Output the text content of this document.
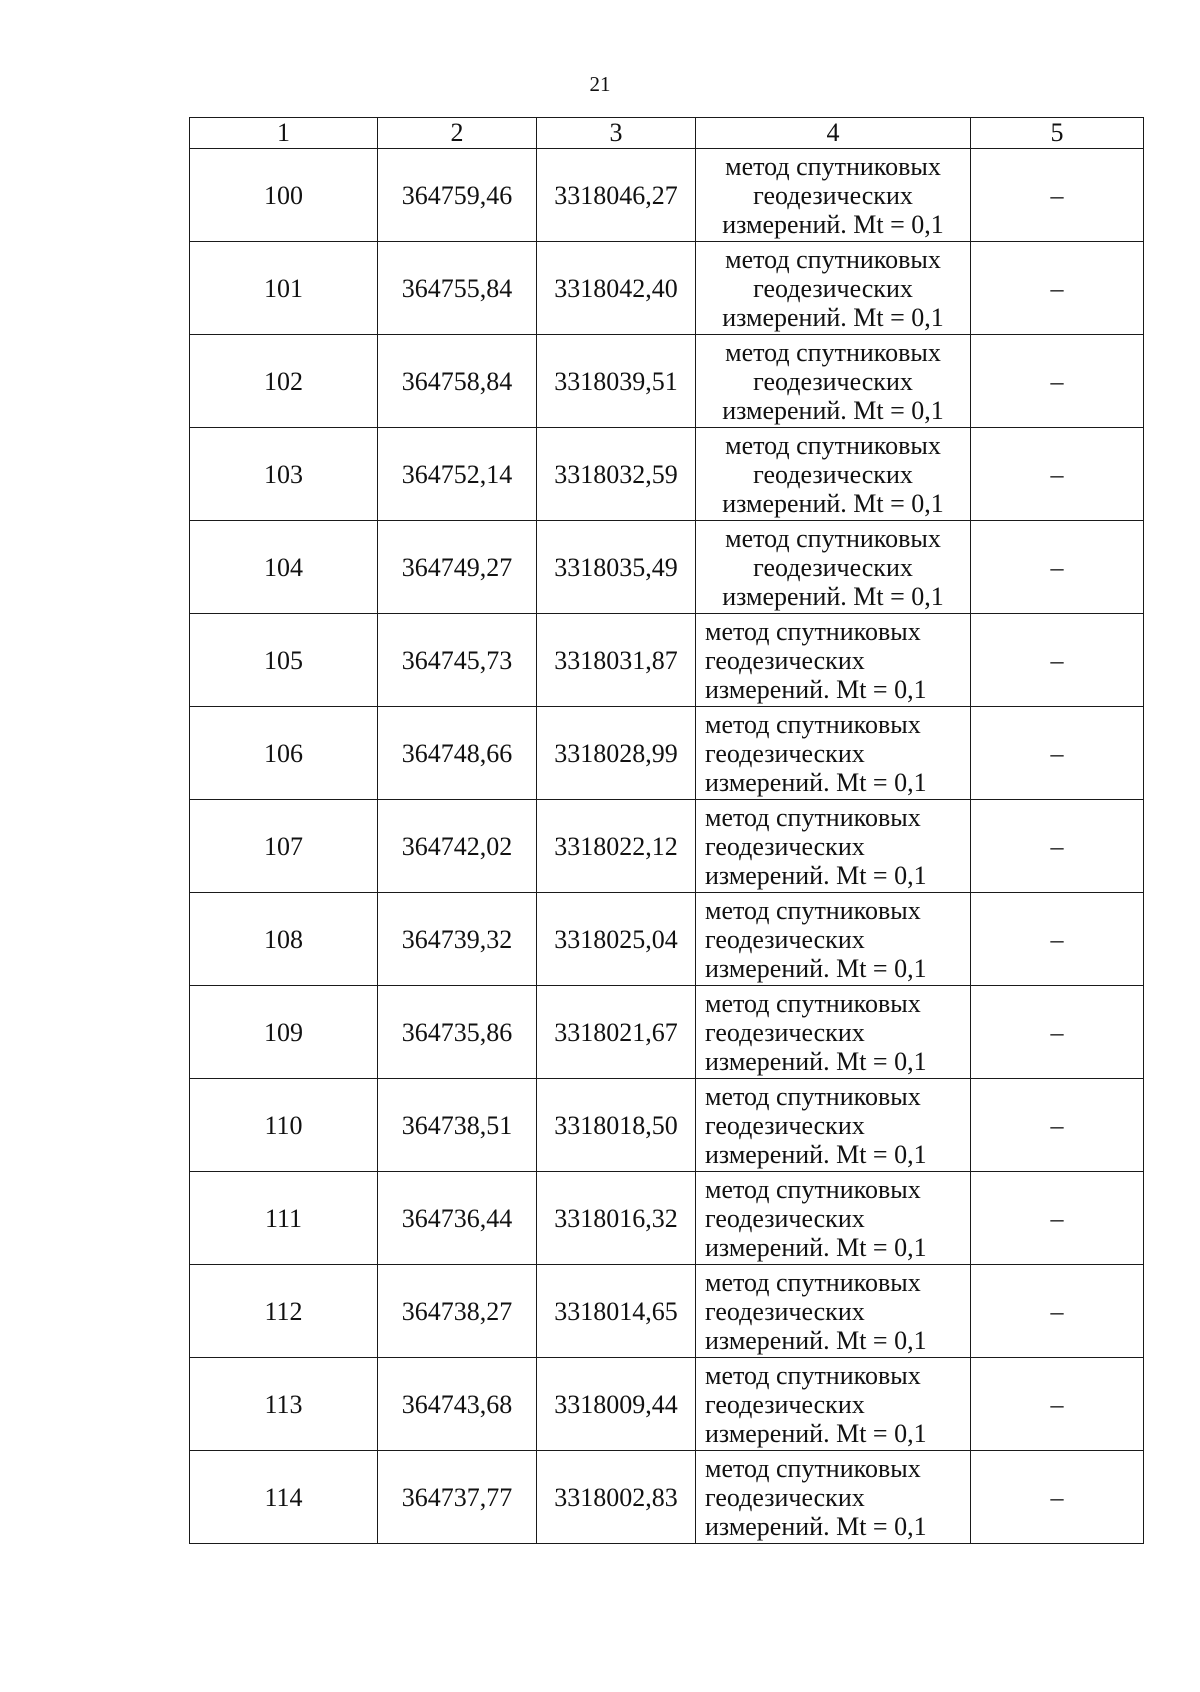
21
1	2	3	4	5
100	364759,46	3318046,27	метод спутниковых
геодезических
измерений. Mt = 0,1	–
101	364755,84	3318042,40	метод спутниковых
геодезических
измерений. Mt = 0,1	–
102	364758,84	3318039,51	метод спутниковых
геодезических
измерений. Mt = 0,1	–
103	364752,14	3318032,59	метод спутниковых
геодезических
измерений. Mt = 0,1	–
104	364749,27	3318035,49	метод спутниковых
геодезических
измерений. Mt = 0,1	–
105	364745,73	3318031,87	метод спутниковых
геодезических
измерений. Mt = 0,1	–
106	364748,66	3318028,99	метод спутниковых
геодезических
измерений. Mt = 0,1	–
107	364742,02	3318022,12	метод спутниковых
геодезических
измерений. Mt = 0,1	–
108	364739,32	3318025,04	метод спутниковых
геодезических
измерений. Mt = 0,1	–
109	364735,86	3318021,67	метод спутниковых
геодезических
измерений. Mt = 0,1	–
110	364738,51	3318018,50	метод спутниковых
геодезических
измерений. Mt = 0,1	–
111	364736,44	3318016,32	метод спутниковых
геодезических
измерений. Mt = 0,1	–
112	364738,27	3318014,65	метод спутниковых
геодезических
измерений. Mt = 0,1	–
113	364743,68	3318009,44	метод спутниковых
геодезических
измерений. Mt = 0,1	–
114	364737,77	3318002,83	метод спутниковых
геодезических
измерений. Mt = 0,1	–
